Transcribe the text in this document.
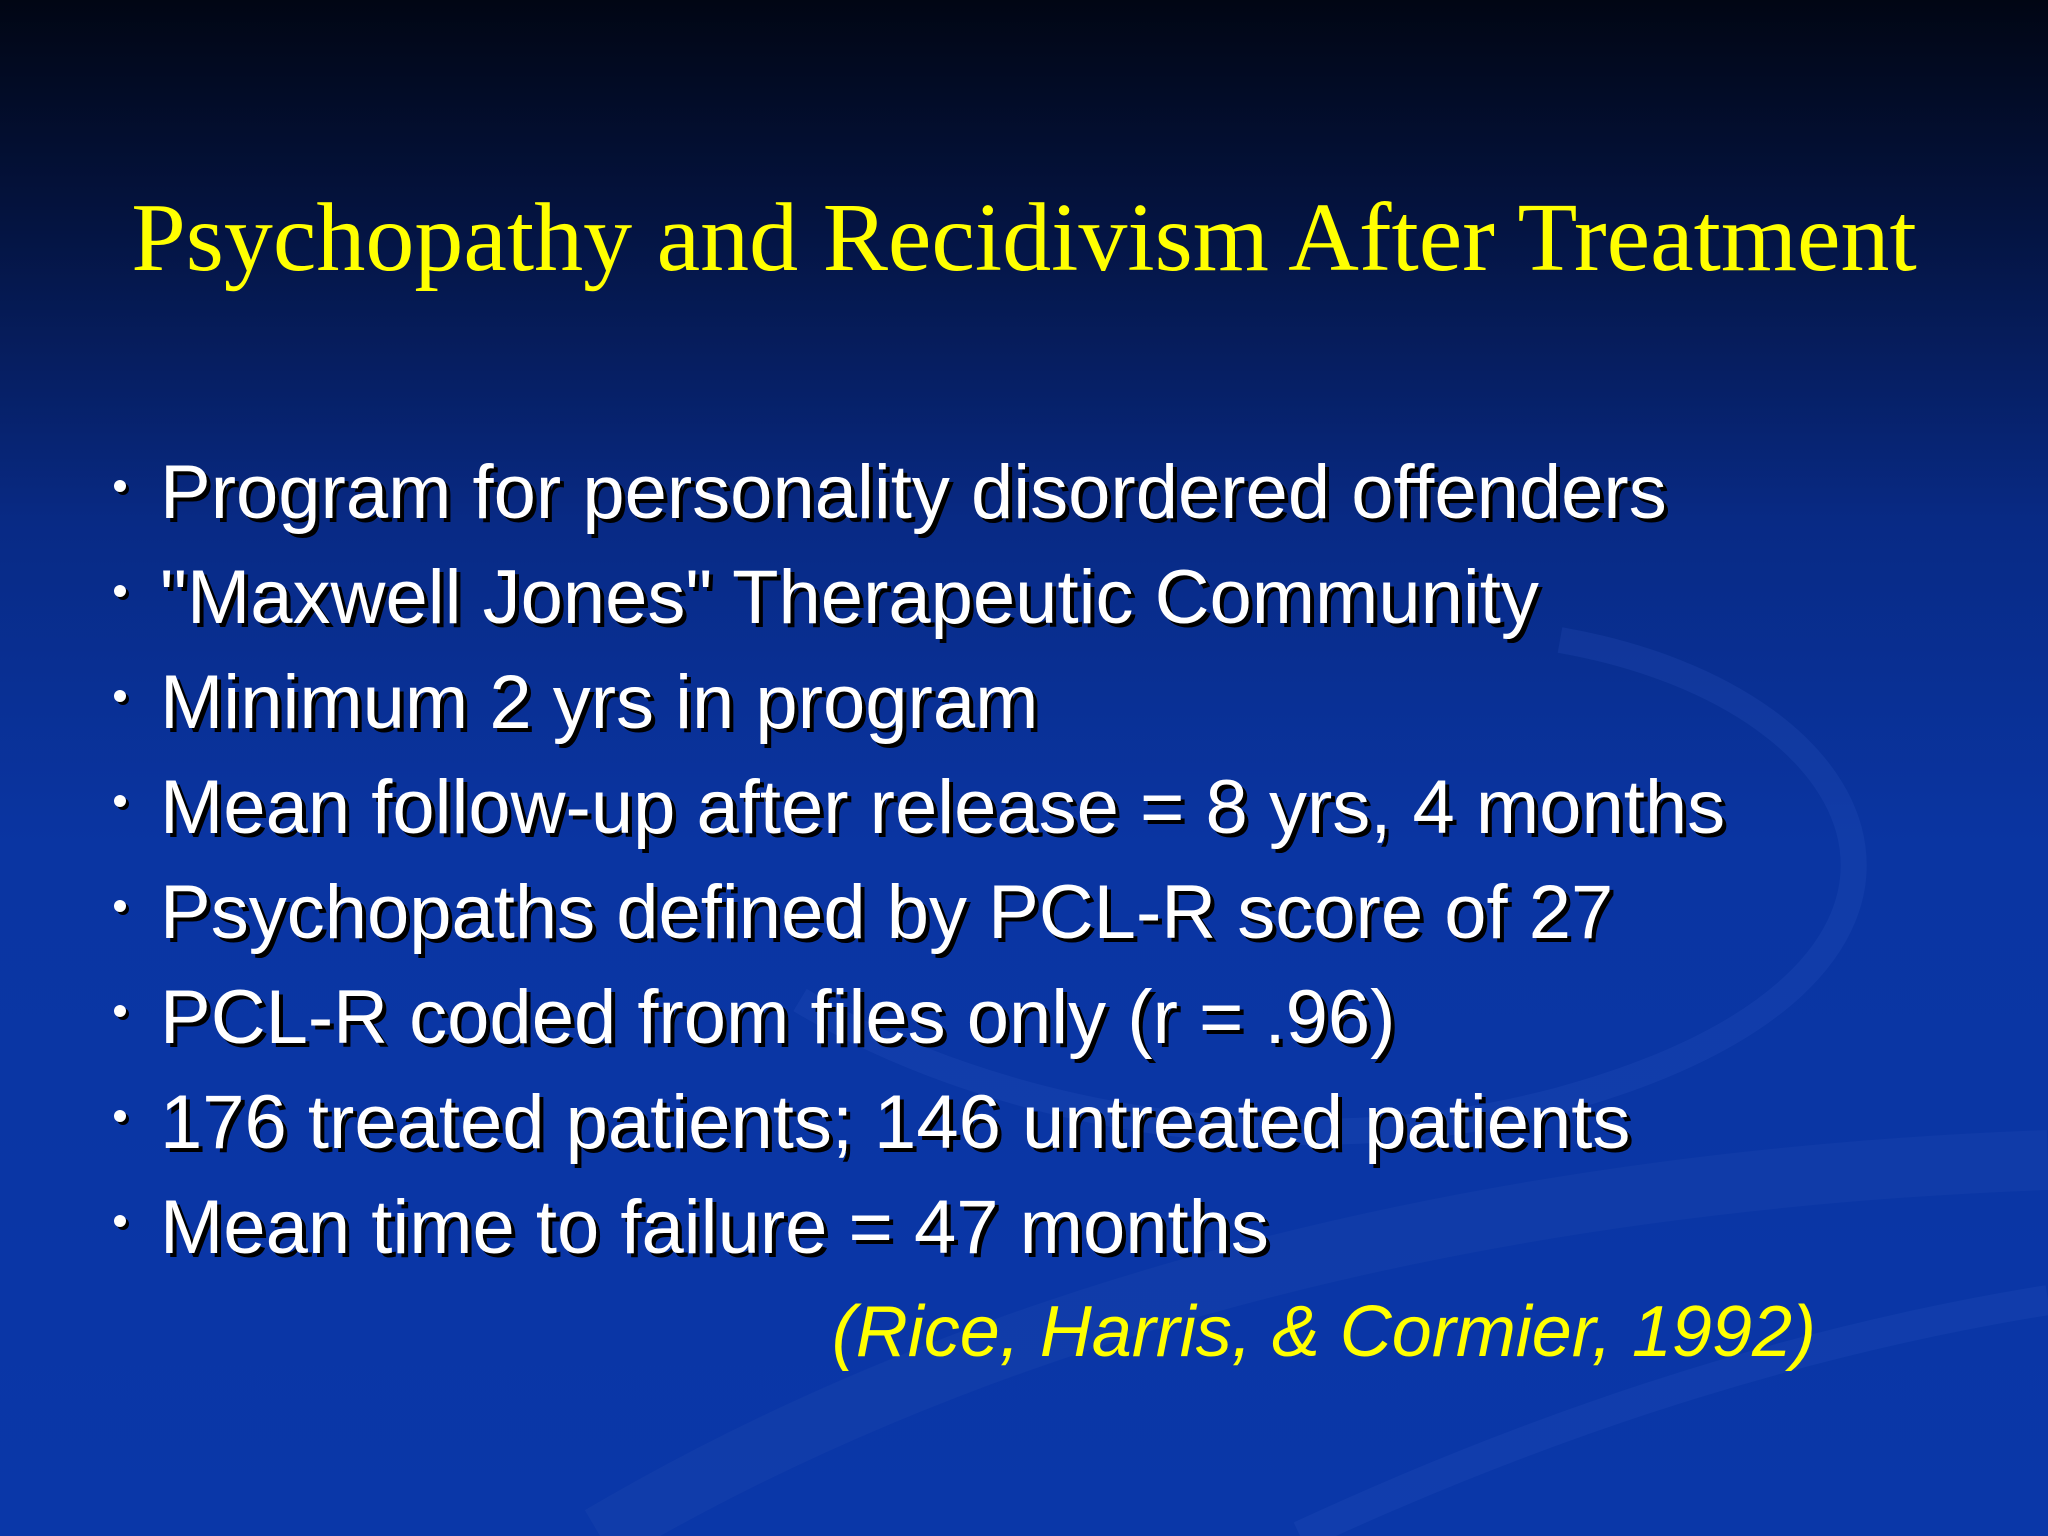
Psychopathy and Recidivism After Treatment
Program for personality disordered offenders
"Maxwell Jones" Therapeutic Community
Minimum 2 yrs in program
Mean follow-up after release = 8 yrs, 4 months
Psychopaths defined by PCL-R score of 27
PCL-R coded from files only (r = .96)
176 treated patients; 146 untreated patients
Mean time to failure = 47 months

(Rice, Harris, & Cormier, 1992)
